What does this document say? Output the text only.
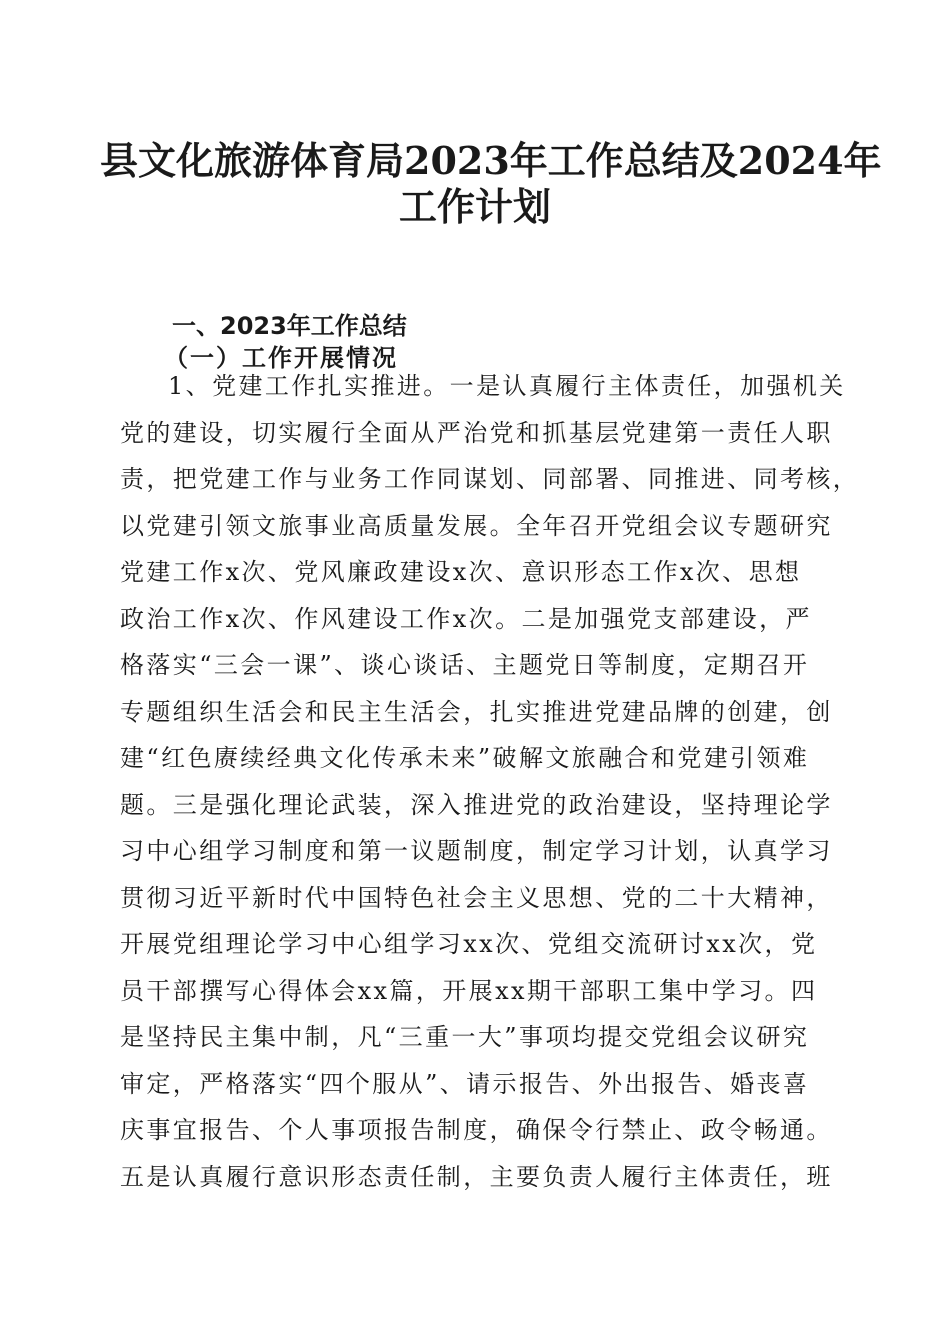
县文化旅游体育局2023年工作总结及2024年
工作计划
一、2023年工作总结
（一）工作开展情况
1、党建工作扎实推进。一是认真履行主体责任，加强机关
党的建设，切实履行全面从严治党和抓基层党建第一责任人职
责，把党建工作与业务工作同谋划、同部署、同推进、同考核，
以党建引领文旅事业高质量发展。全年召开党组会议专题研究
党建工作x次、党风廉政建设x次、意识形态工作x次、思想
政治工作x次、作风建设工作x次。二是加强党支部建设，严
格落实“三会一课”、谈心谈话、主题党日等制度，定期召开
专题组织生活会和民主生活会，扎实推进党建品牌的创建，创
建“红色赓续经典文化传承未来”破解文旅融合和党建引领难
题。三是强化理论武装，深入推进党的政治建设，坚持理论学
习中心组学习制度和第一议题制度，制定学习计划，认真学习
贯彻习近平新时代中国特色社会主义思想、党的二十大精神，
开展党组理论学习中心组学习xx次、党组交流研讨xx次，党
员干部撰写心得体会xx篇，开展xx期干部职工集中学习。四
是坚持民主集中制，凡“三重一大”事项均提交党组会议研究
审定，严格落实“四个服从”、请示报告、外出报告、婚丧喜
庆事宜报告、个人事项报告制度，确保令行禁止、政令畅通。
五是认真履行意识形态责任制，主要负责人履行主体责任，班
